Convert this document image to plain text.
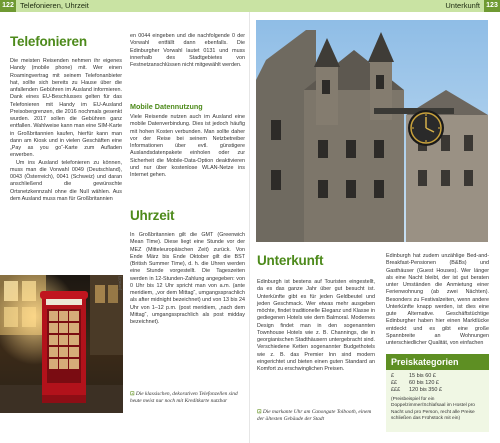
122 Telefonieren, Uhrzeit	Unterkunft 123
Telefonieren

Die meisten Reisenden nehmen ihr eigenes Handy (mobile phone) mit. Wer einen Roamingvertrag mit seinem Telefonanbieter hat, sollte sich bereits zu Hause über die anfallenden Gebühren im Ausland informieren. Dank eines EU-Beschlusses gelten für das Telefonieren mit Handy im EU-Ausland Preisobergrenzen, die 2016 nochmals gesenkt wurden. 2017 sollen die Gebühren ganz entfallen. Wahlweise kann man eine SIM-Karte in Großbritannien kaufen, hierfür kann man dann am Kiosk und in vielen Geschäften eine „Pay as you go“-Karte zum Aufladen erwerben.

Um ins Ausland telefonieren zu können, muss man die Vorwahl 0049 (Deutschland), 0043 (Österreich), 0041 (Schweiz) und daran anschließend die gewünschte Ortsnetzkennzahl ohne die Null wählen. Aus dem Ausland muss man für Großbritannien

[cms07]
⊡ Die klassischen, dekorativen Telefonzellen sind heute meist nur noch mit Kreditkarte nutzbar
en 0044 eingeben und die nachfolgende 0 der Vorwahl entfällt dann ebenfalls. Die Edinburgher Vorwahl lautet 0131 und muss innerhalb des Stadtgebietes von Festnetzanschlüssen nicht mitgewählt werden.
Mobile Datennutzung
Viele Reisende nutzen auch im Ausland eine mobile Datenverbindung. Dies ist jedoch häufig mit hohen Kosten verbunden. Man sollte daher vor der Reise bei seinem Netzbetreiber Informationen über evtl. günstigere Auslandsdatenpakete einholen oder zur Sicherheit die Mobile-Data-Option deaktivieren und nur über kostenlose WLAN-Netze ins Internet gehen.
Uhrzeit
In Großbritannien gilt die GMT (Greenwich Mean Time). Diese liegt eine Stunde vor der MEZ (Mitteleuropäischen Zeit) zurück. Von Ende März bis Ende Oktober gilt die BST (British Summer Time), d. h. die Uhren werden eine Stunde vorgestellt. Die Tageszeiten werden in 12-Stunden-Zahlung angegeben: von 0 Uhr bis 12 Uhr spricht man von a.m. (ante meridiem, „vor dem Mittag“, umgangssprachlich als after midnight bezeichnet) und von 13 bis 24 Uhr von 1–12 p.m. (post meridiem, „nach dem Mittag“, umgangssprachlich als post midday bezeichnet).
Unterkunft
Edinburgh ist bestens auf Touristen eingestellt, da es das ganze Jahr über gut besucht ist. Unterkünfte gibt es für jeden Geldbeutel und jeden Geschmack. Wer etwas mehr ausgeben möchte, findet traditionelle Eleganz und Klasse in gediegenen Hotels wie dem Balmoral. Modernes Design findet man in den sogenannten Townhouse Hotels wie z. B. Channings, die in georgianischen Stadthäusern untergebracht sind. Verschiedene Ketten sogenannter Budgethotels wie z. B. das Premier Inn sind modern eingerichtet und bieten einen guten Standard an Komfort zu erschwinglichen Preisen.
⊡ Die markante Uhr am Canongate Tolbooth, einem der ältesten Gebäude der Stadt
Edinburgh hat zudem unzählige Bed-and-Breakfast-Pensionen (B&Bs) und Gasthäuser (Guest Houses). Wer länger als eine Nacht bleibt, der ist gut beraten unter Umständen die Anmietung einer Ferienwohnung (ab zwei Nächten). Besonders zu Festivalzeiten, wenn andere Unterkünfte knapp werden, ist dies eine gute Alternative. Geschäftstüchtige Edinburgher haben hier einen Marktlücke entdeckt und es gibt eine große Spannbreite an Wohnungen unterschiedlicher Qualität, von einfachen
Preiskategorien
£	15 bis 60 £
££ 60 bis 120 £
£££ 120 bis 350 £
(Preisbeispiel für ein Doppelzimmer/Schlafsaal im Hostel pro Nacht und pro Person, recht alle Preise schließen das Frühstück mit ein)
